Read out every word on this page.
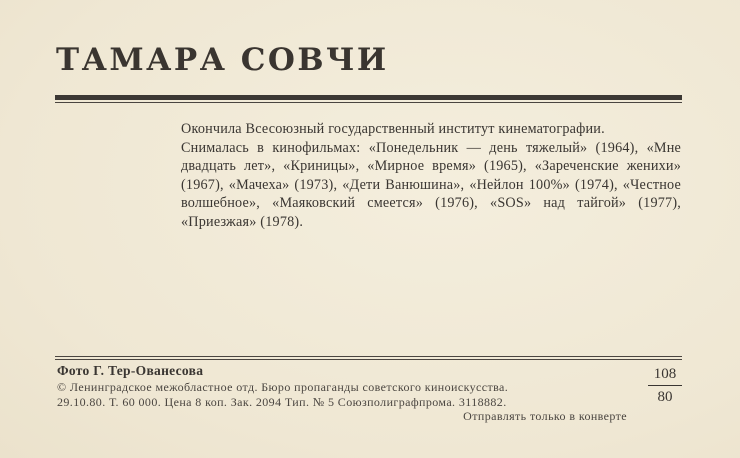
ТАМАРА СОВЧИ

Окончила Всесоюзный государственный институт кинематографии.

Снималась в кинофильмах: «Понедельник — день тяжелый» (1964), «Мне двадцать лет», «Криницы», «Мирное время» (1965), «Зареченские женихи» (1967), «Мачеха» (1973), «Дети Ванюшина», «Нейлон 100%» (1974), «Честное волшебное», «Маяковский смеется» (1976), «SOS» над тайгой» (1977), «Приезжая» (1978).

Фото Г. Тер-Ованесова
© Ленинградское межобластное отд. Бюро пропаганды советского киноискусства.
29.10.80. Т. 60 000. Цена 8 коп. Зак. 2094 Тип. № 5 Союзполиграфпрома. 3118882.
Отправлять только в конверте
108
80
